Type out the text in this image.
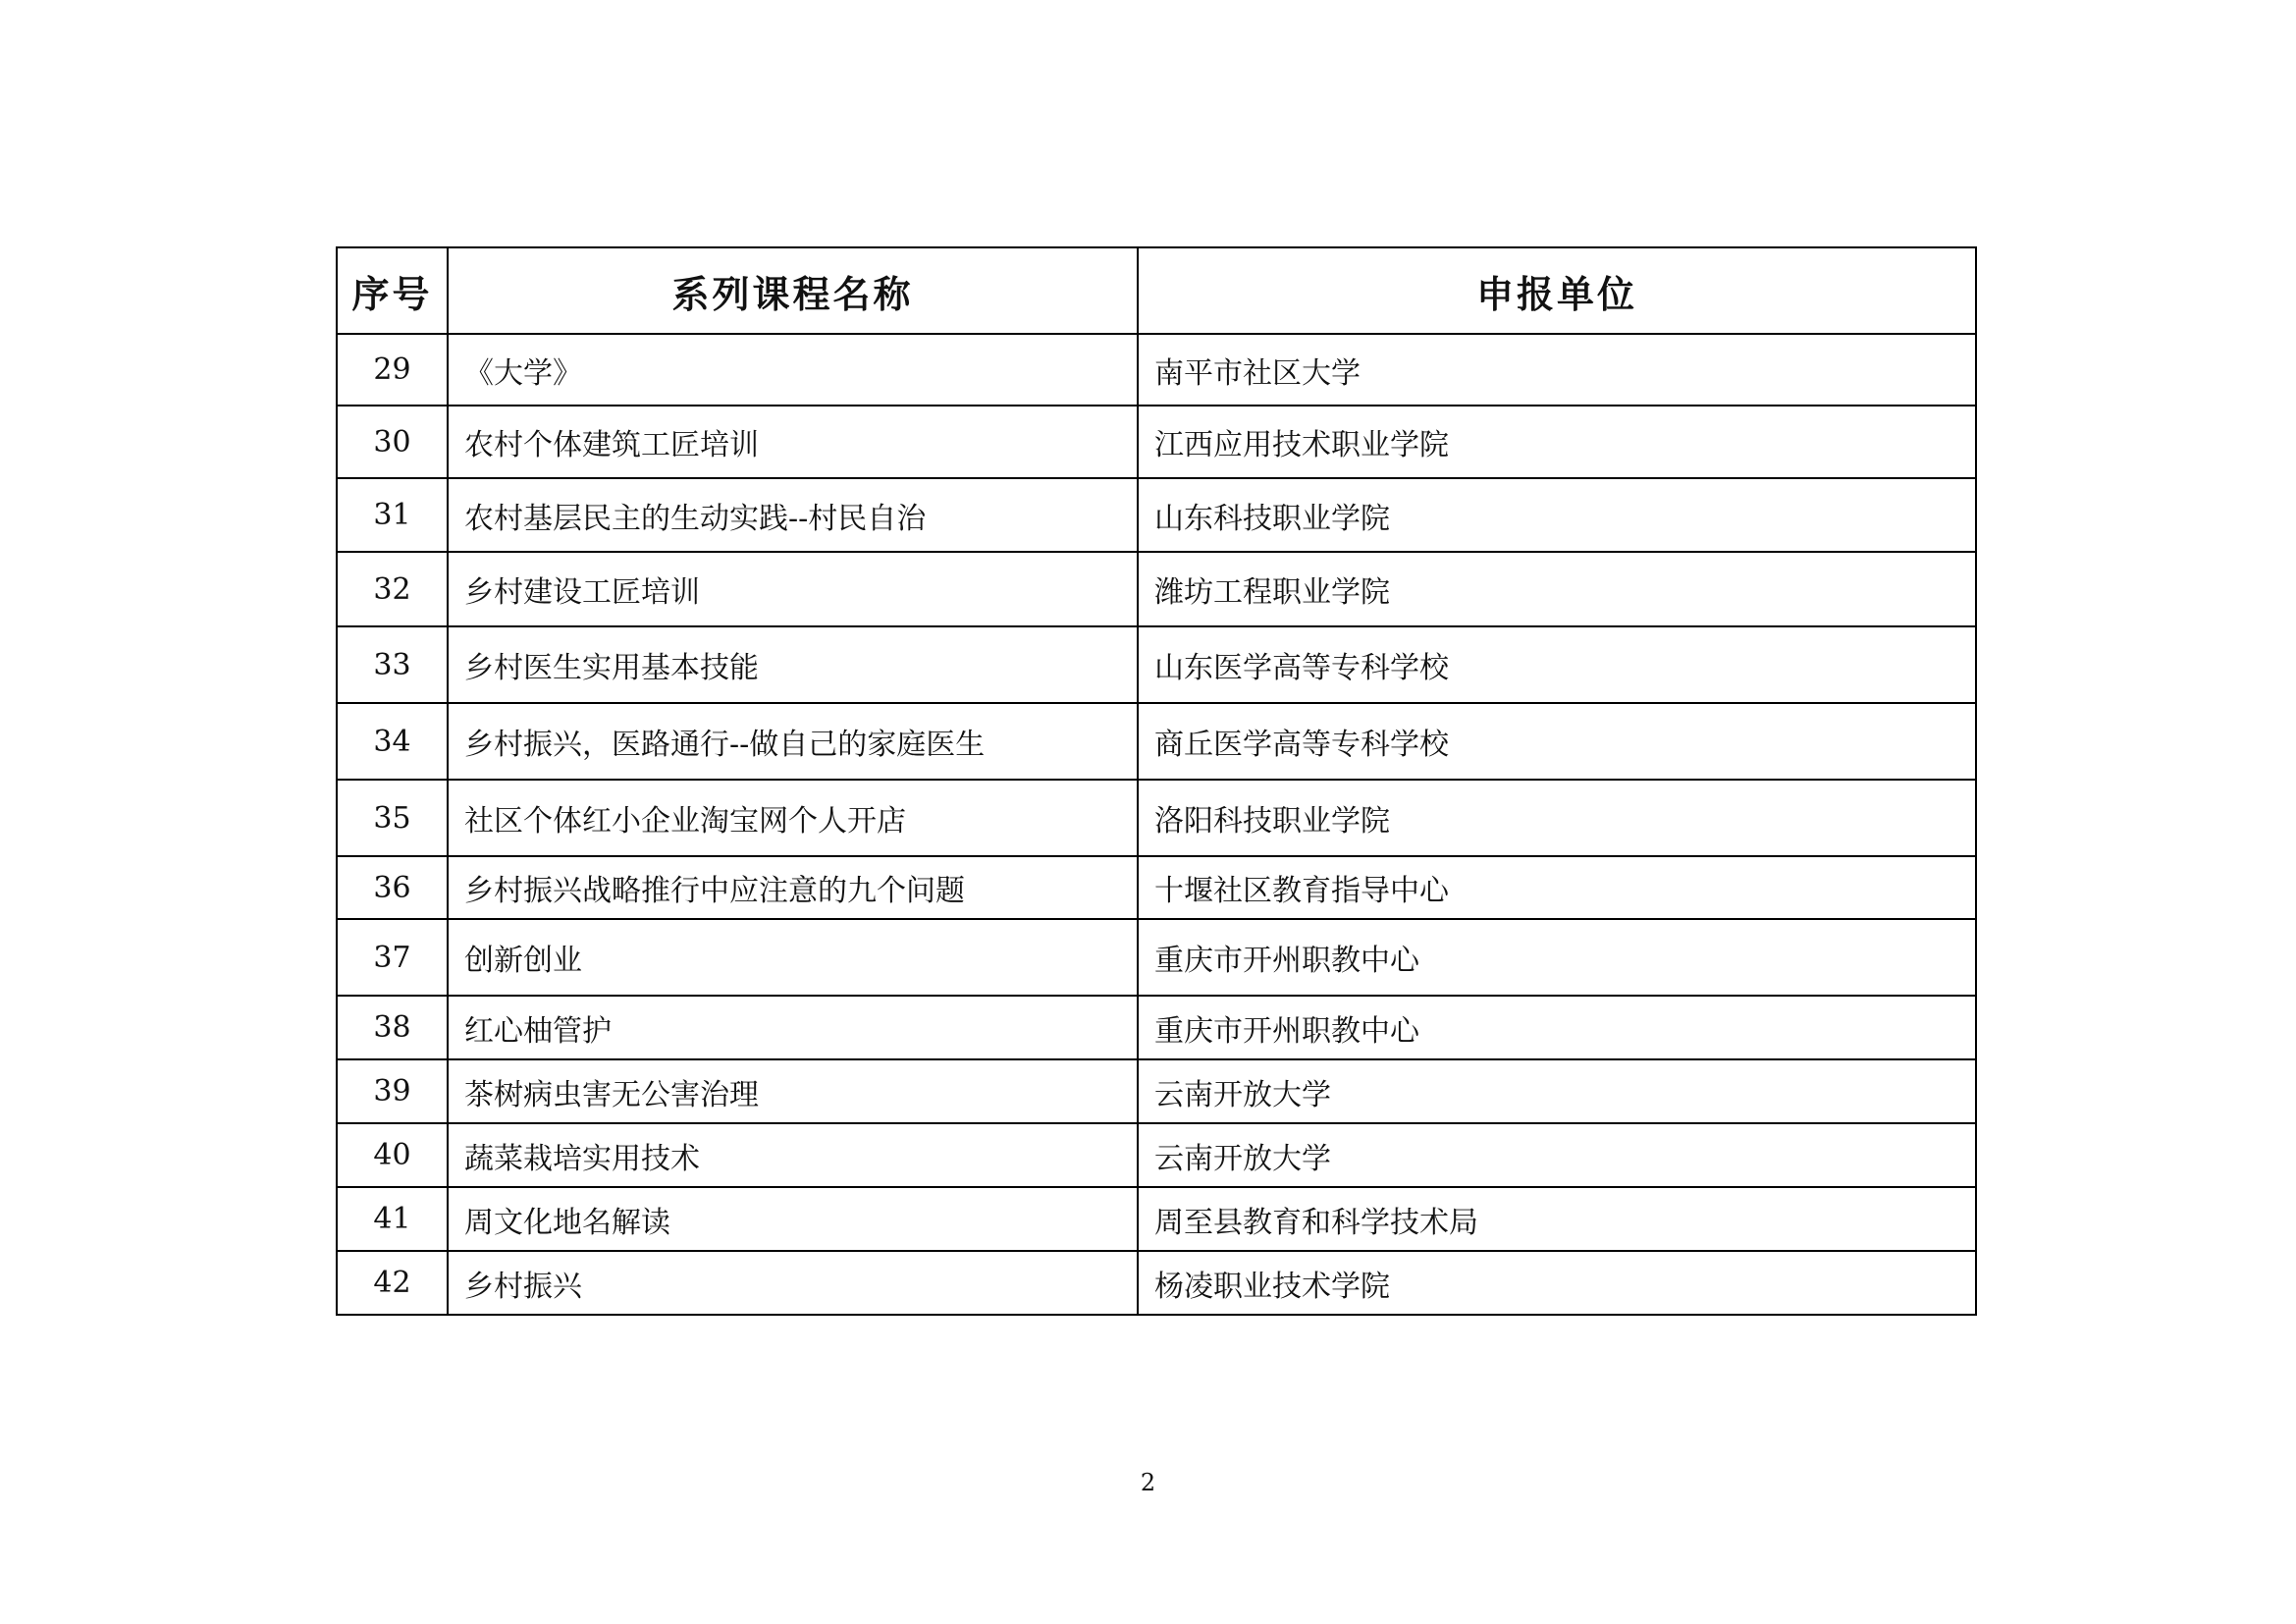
序号	系列课程名称	申报单位
29	《大学》	南平市社区大学
30	农村个体建筑工匠培训	江西应用技术职业学院
31	农村基层民主的生动实践--村民自治	山东科技职业学院
32	乡村建设工匠培训	潍坊工程职业学院
33	乡村医生实用基本技能	山东医学高等专科学校
34	乡村振兴，医路通行--做自己的家庭医生	商丘医学高等专科学校
35	社区个体红小企业淘宝网个人开店	洛阳科技职业学院
36	乡村振兴战略推行中应注意的九个问题	十堰社区教育指导中心
37	创新创业	重庆市开州职教中心
38	红心柚管护	重庆市开州职教中心
39	茶树病虫害无公害治理	云南开放大学
40	蔬菜栽培实用技术	云南开放大学
41	周文化地名解读	周至县教育和科学技术局
42	乡村振兴	杨凌职业技术学院
2
